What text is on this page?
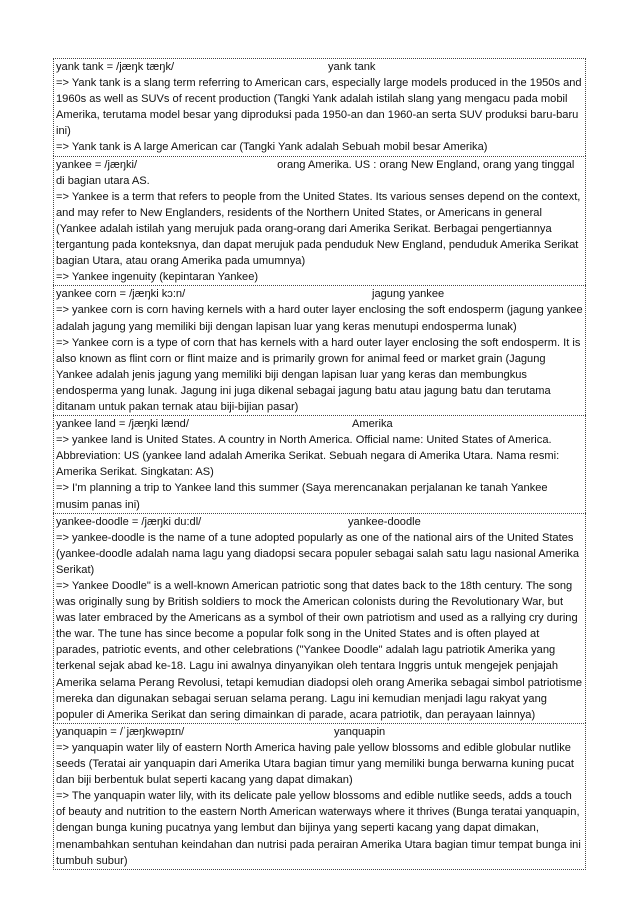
yank tank = /jæŋk tæŋk/	yank tank
=> Yank tank is a slang term referring to American cars, especially large models produced in the 1950s and 1960s as well as SUVs of recent production (Tangki Yank adalah istilah slang yang mengacu pada mobil Amerika, terutama model besar yang diproduksi pada 1950-an dan 1960-an serta SUV produksi baru-baru ini)
=> Yank tank is A large American car (Tangki Yank adalah Sebuah mobil besar Amerika)
yankee = /jæŋki/	orang Amerika. US : orang New England, orang yang tinggal di bagian utara AS.
=> Yankee is a term that refers to people from the United States. Its various senses depend on the context, and may refer to New Englanders, residents of the Northern United States, or Americans in general (Yankee adalah istilah yang merujuk pada orang-orang dari Amerika Serikat. Berbagai pengertiannya tergantung pada konteksnya, dan dapat merujuk pada penduduk New England, penduduk Amerika Serikat bagian Utara, atau orang Amerika pada umumnya)
=> Yankee ingenuity (kepintaran Yankee)
yankee corn = /jæŋki kɔ:n/	jagung yankee
=> yankee corn is corn having kernels with a hard outer layer enclosing the soft endosperm (jagung yankee adalah jagung yang memiliki biji dengan lapisan luar yang keras menutupi endosperma lunak)
=> Yankee corn is a type of corn that has kernels with a hard outer layer enclosing the soft endosperm. It is also known as flint corn or flint maize and is primarily grown for animal feed or market grain (Jagung Yankee adalah jenis jagung yang memiliki biji dengan lapisan luar yang keras dan membungkus endosperma yang lunak. Jagung ini juga dikenal sebagai jagung batu atau jagung batu dan terutama ditanam untuk pakan ternak atau biji-bijian pasar)
yankee land = /jæŋki lænd/	Amerika
=> yankee land is United States. A country in North America. Official name: United States of America. Abbreviation: US (yankee land adalah Amerika Serikat. Sebuah negara di Amerika Utara. Nama resmi: Amerika Serikat. Singkatan: AS)
=> I'm planning a trip to Yankee land this summer (Saya merencanakan perjalanan ke tanah Yankee musim panas ini)
yankee-doodle = /jæŋki du:dl/	yankee-doodle
=> yankee-doodle is the name of a tune adopted popularly as one of the national airs of the United States (yankee-doodle adalah nama lagu yang diadopsi secara populer sebagai salah satu lagu nasional Amerika Serikat)
=> Yankee Doodle" is a well-known American patriotic song that dates back to the 18th century. The song was originally sung by British soldiers to mock the American colonists during the Revolutionary War, but was later embraced by the Americans as a symbol of their own patriotism and used as a rallying cry during the war. The tune has since become a popular folk song in the United States and is often played at parades, patriotic events, and other celebrations ("Yankee Doodle" adalah lagu patriotik Amerika yang terkenal sejak abad ke-18. Lagu ini awalnya dinyanyikan oleh tentara Inggris untuk mengejek penjajah Amerika selama Perang Revolusi, tetapi kemudian diadopsi oleh orang Amerika sebagai simbol patriotisme mereka dan digunakan sebagai seruan selama perang. Lagu ini kemudian menjadi lagu rakyat yang populer di Amerika Serikat dan sering dimainkan di parade, acara patriotik, dan perayaan lainnya)
yanquapin = /ˈjæŋkwəpɪn/	yanquapin
=> yanquapin water lily of eastern North America having pale yellow blossoms and edible globular nutlike seeds (Teratai air yanquapin dari Amerika Utara bagian timur yang memiliki bunga berwarna kuning pucat dan biji berbentuk bulat seperti kacang yang dapat dimakan)
=> The yanquapin water lily, with its delicate pale yellow blossoms and edible nutlike seeds, adds a touch of beauty and nutrition to the eastern North American waterways where it thrives (Bunga teratai yanquapin, dengan bunga kuning pucatnya yang lembut dan bijinya yang seperti kacang yang dapat dimakan, menambahkan sentuhan keindahan dan nutrisi pada perairan Amerika Utara bagian timur tempat bunga ini tumbuh subur)
